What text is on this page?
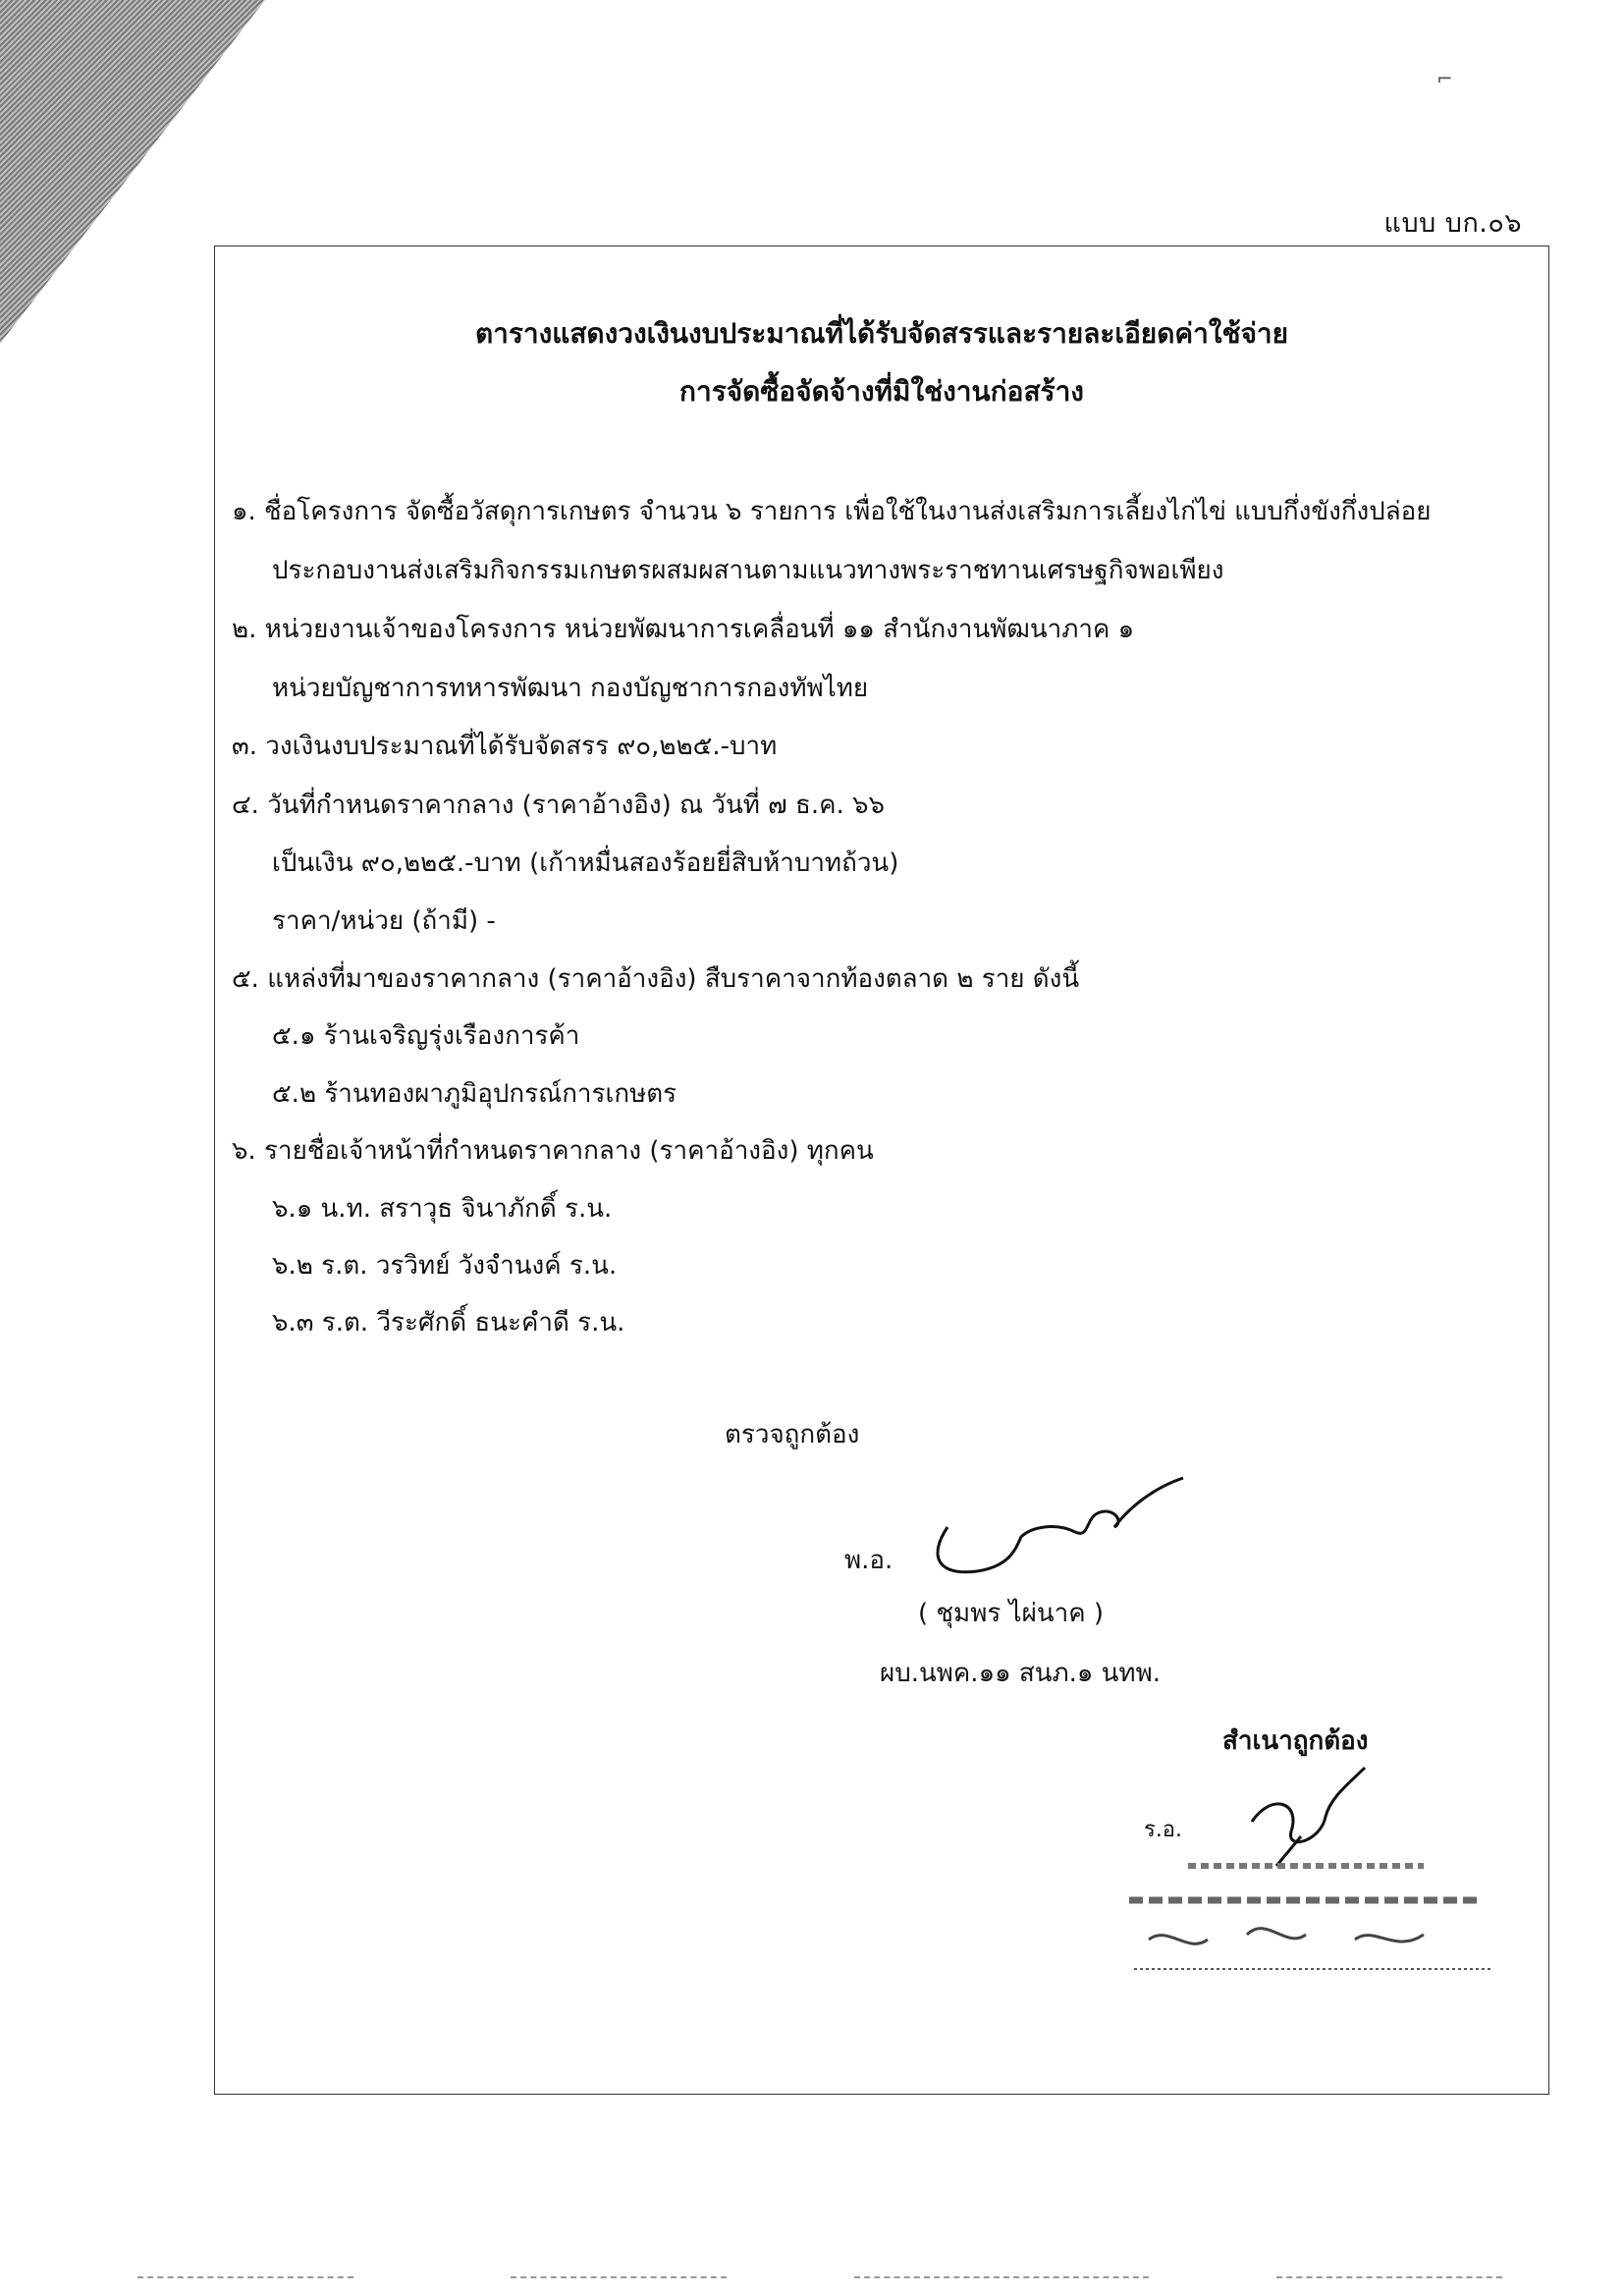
⌐
แบบ บก.๐๖
ตารางแสดงวงเงินงบประมาณที่ได้รับจัดสรรและรายละเอียดค่าใช้จ่าย
การจัดซื้อจัดจ้างที่มิใช่งานก่อสร้าง
๑. ชื่อโครงการ จัดซื้อวัสดุการเกษตร จำนวน ๖ รายการ เพื่อใช้ในงานส่งเสริมการเลี้ยงไก่ไข่ แบบกึ่งขังกึ่งปล่อย
ประกอบงานส่งเสริมกิจกรรมเกษตรผสมผสานตามแนวทางพระราชทานเศรษฐกิจพอเพียง
๒. หน่วยงานเจ้าของโครงการ หน่วยพัฒนาการเคลื่อนที่ ๑๑ สำนักงานพัฒนาภาค ๑
หน่วยบัญชาการทหารพัฒนา กองบัญชาการกองทัพไทย
๓. วงเงินงบประมาณที่ได้รับจัดสรร ๙๐,๒๒๕.-บาท
๔. วันที่กำหนดราคากลาง (ราคาอ้างอิง) ณ วันที่ ๗ ธ.ค. ๖๖
เป็นเงิน ๙๐,๒๒๕.-บาท (เก้าหมื่นสองร้อยยี่สิบห้าบาทถ้วน)
ราคา/หน่วย (ถ้ามี) -
๕. แหล่งที่มาของราคากลาง (ราคาอ้างอิง) สืบราคาจากท้องตลาด ๒ ราย ดังนี้
๕.๑ ร้านเจริญรุ่งเรืองการค้า
๕.๒ ร้านทองผาภูมิอุปกรณ์การเกษตร
๖. รายชื่อเจ้าหน้าที่กำหนดราคากลาง (ราคาอ้างอิง) ทุกคน
๖.๑ น.ท. สราวุธ จินาภักดิ์ ร.น.
๖.๒ ร.ต. วรวิทย์ วังจำนงค์ ร.น.
๖.๓ ร.ต. วีระศักดิ์ ธนะคำดี ร.น.
ตรวจถูกต้อง
พ.อ.
( ชุมพร ไผ่นาค )
ผบ.นพค.๑๑ สนภ.๑ นทพ.
สำเนาถูกต้อง
ร.อ.
